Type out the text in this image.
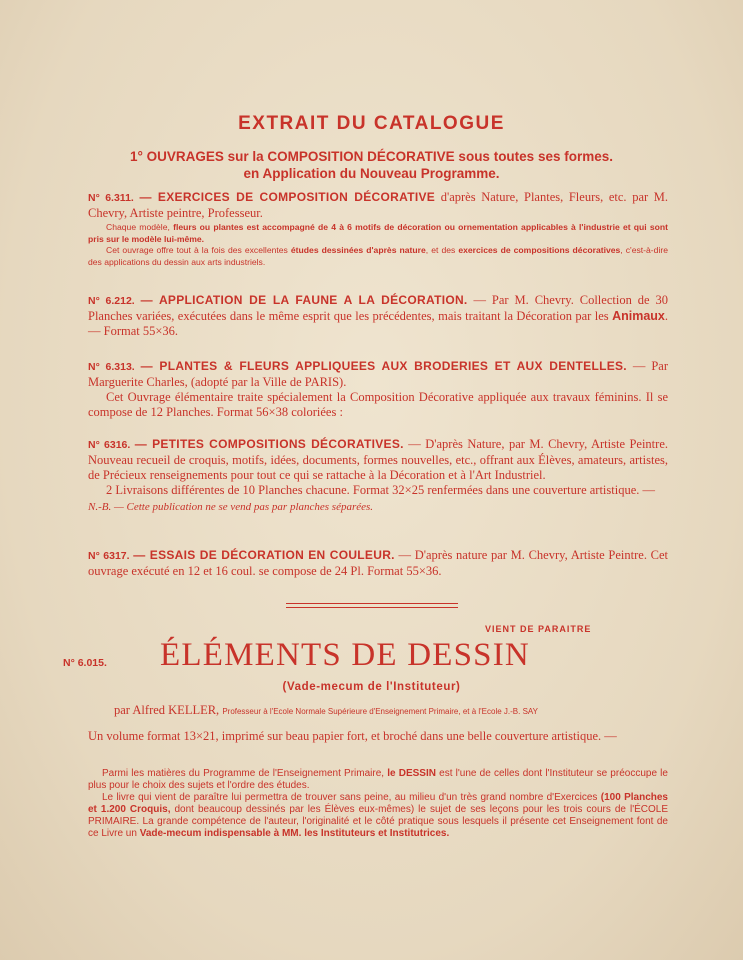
EXTRAIT DU CATALOGUE
1° OUVRAGES sur la COMPOSITION DÉCORATIVE sous toutes ses formes.
en Application du Nouveau Programme.

N° 6.311. — EXERCICES DE COMPOSITION DÉCORATIVE d'après Nature, Plantes, Fleurs, etc. par M. Chevry, Artiste peintre, Professeur.

Chaque modèle, fleurs ou plantes est accompagné de 4 à 6 motifs de décoration ou ornementation applicables à l'industrie et qui sont pris sur le modèle lui-même.

Cet ouvrage offre tout à la fois des excellentes études dessinées d'après nature, et des exercices de compositions décoratives, c'est-à-dire des applications du dessin aux arts industriels.

N° 6.212. — APPLICATION DE LA FAUNE A LA DÉCORATION. — Par M. Chevry. Collection de 30 Planches variées, exécutées dans le même esprit que les précédentes, mais traitant la Décoration par les Animaux. — Format 55×36.

N° 6.313. — PLANTES & FLEURS APPLIQUEES AUX BRODERIES ET AUX DENTELLES. — Par Marguerite Charles, (adopté par la Ville de PARIS).

Cet Ouvrage élémentaire traite spécialement la Composition Décorative appliquée aux travaux féminins. Il se compose de 12 Planches. Format 56×38 coloriées :

N° 6316. — PETITES COMPOSITIONS DÉCORATIVES. — D'après Nature, par M. Chevry, Artiste Peintre. Nouveau recueil de croquis, motifs, idées, documents, formes nouvelles, etc., offrant aux Élèves, amateurs, artistes, de Précieux renseignements pour tout ce qui se rattache à la Décoration et à l'Art Industriel.

2 Livraisons différentes de 10 Planches chacune. Format 32×25 renfermées dans une couverture artistique. —

N.-B. — Cette publication ne se vend pas par planches séparées.

N° 6317. — ESSAIS DE DÉCORATION EN COULEUR. — D'après nature par M. Chevry, Artiste Peintre. Cet ouvrage exécuté en 12 et 16 coul. se compose de 24 Pl. Format 55×36.

VIENT DE PARAITRE
N° 6.015. ÉLÉMENTS DE DESSIN
(Vade-mecum de l'Instituteur)
par Alfred KELLER, Professeur à l'Ecole Normale Supérieure d'Enseignement Primaire, et à l'Ecole J.-B. SAY
Un volume format 13×21, imprimé sur beau papier fort, et broché dans une belle couverture artistique. —

Parmi les matières du Programme de l'Enseignement Primaire, le DESSIN est l'une de celles dont l'Instituteur se préoccupe le plus pour le choix des sujets et l'ordre des études.

Le livre qui vient de paraître lui permettra de trouver sans peine, au milieu d'un très grand nombre d'Exercices (100 Planches et 1.200 Croquis, dont beaucoup dessinés par les Élèves eux-mêmes) le sujet de ses leçons pour les trois cours de l'ÉCOLE PRIMAIRE. La grande compétence de l'auteur, l'originalité et le côté pratique sous lesquels il présente cet Enseignement font de ce Livre un Vade-mecum indispensable à MM. les Instituteurs et Institutrices.
